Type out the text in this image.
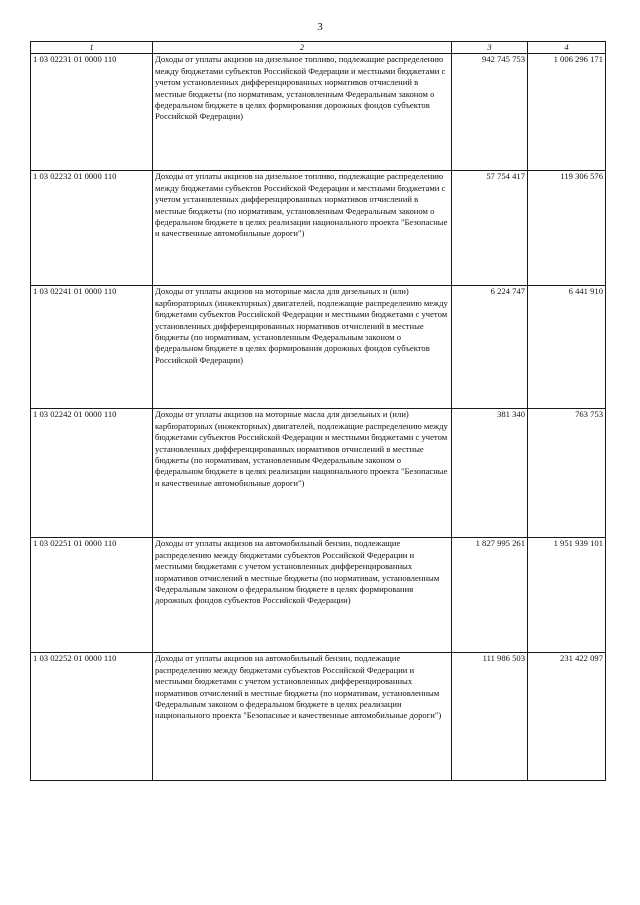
3
1	2	3	4
1 03 02231 01 0000 110	Доходы от уплаты акцизов на дизельное топливо, подлежащие распределению между бюджетами субъектов Российской Федерации и местными бюджетами с учетом установленных дифференцированных нормативов отчислений в местные бюджеты (по нормативам, установленным Федеральным законом о федеральном бюджете в целях формирования дорожных фондов субъектов Российской Федерации)	942 745 753	1 006 296 171
1 03 02232 01 0000 110	Доходы от уплаты акцизов на дизельное топливо, подлежащие распределению между бюджетами субъектов Российской Федерации и местными бюджетами с учетом установленных дифференцированных нормативов отчислений в местные бюджеты (по нормативам, установленным Федеральным законом о федеральном бюджете в целях реализации национального проекта "Безопасные и качественные автомобильные дороги")	57 754 417	119 306 576
1 03 02241 01 0000 110	Доходы от уплаты акцизов на моторные масла для дизельных и (или) карбюраторных (инжекторных) двигателей, подлежащие распределению между бюджетами субъектов Российской Федерации и местными бюджетами с учетом установленных дифференцированных нормативов отчислений в местные бюджеты (по нормативам, установленным Федеральным законом о федеральном бюджете в целях формирования дорожных фондов субъектов Российской Федерации)	6 224 747	6 441 910
1 03 02242 01 0000 110	Доходы от уплаты акцизов на моторные масла для дизельных и (или) карбюраторных (инжекторных) двигателей, подлежащие распределению между бюджетами субъектов Российской Федерации и местными бюджетами с учетом установленных дифференцированных нормативов отчислений в местные бюджеты (по нормативам, установленным Федеральным законом о федеральном бюджете в целях реализации национального проекта "Безопасные и качественные автомобильные дороги")	381 340	763 753
1 03 02251 01 0000 110	Доходы от уплаты акцизов на автомобильный бензин, подлежащие распределению между бюджетами субъектов Российской Федерации и местными бюджетами с учетом установленных дифференцированных нормативов отчислений в местные бюджеты (по нормативам, установленным Федеральным законом о федеральном бюджете в целях формирования дорожных фондов субъектов Российской Федерации)	1 827 995 261	1 951 939 101
1 03 02252 01 0000 110	Доходы от уплаты акцизов на автомобильный бензин, подлежащие распределению между бюджетами субъектов Российской Федерации и местными бюджетами с учетом установленных дифференцированных нормативов отчислений в местные бюджеты (по нормативам, установленным Федеральным законом о федеральном бюджете в целях реализации национального проекта "Безопасные и качественные автомобильные дороги")	111 986 503	231 422 097
